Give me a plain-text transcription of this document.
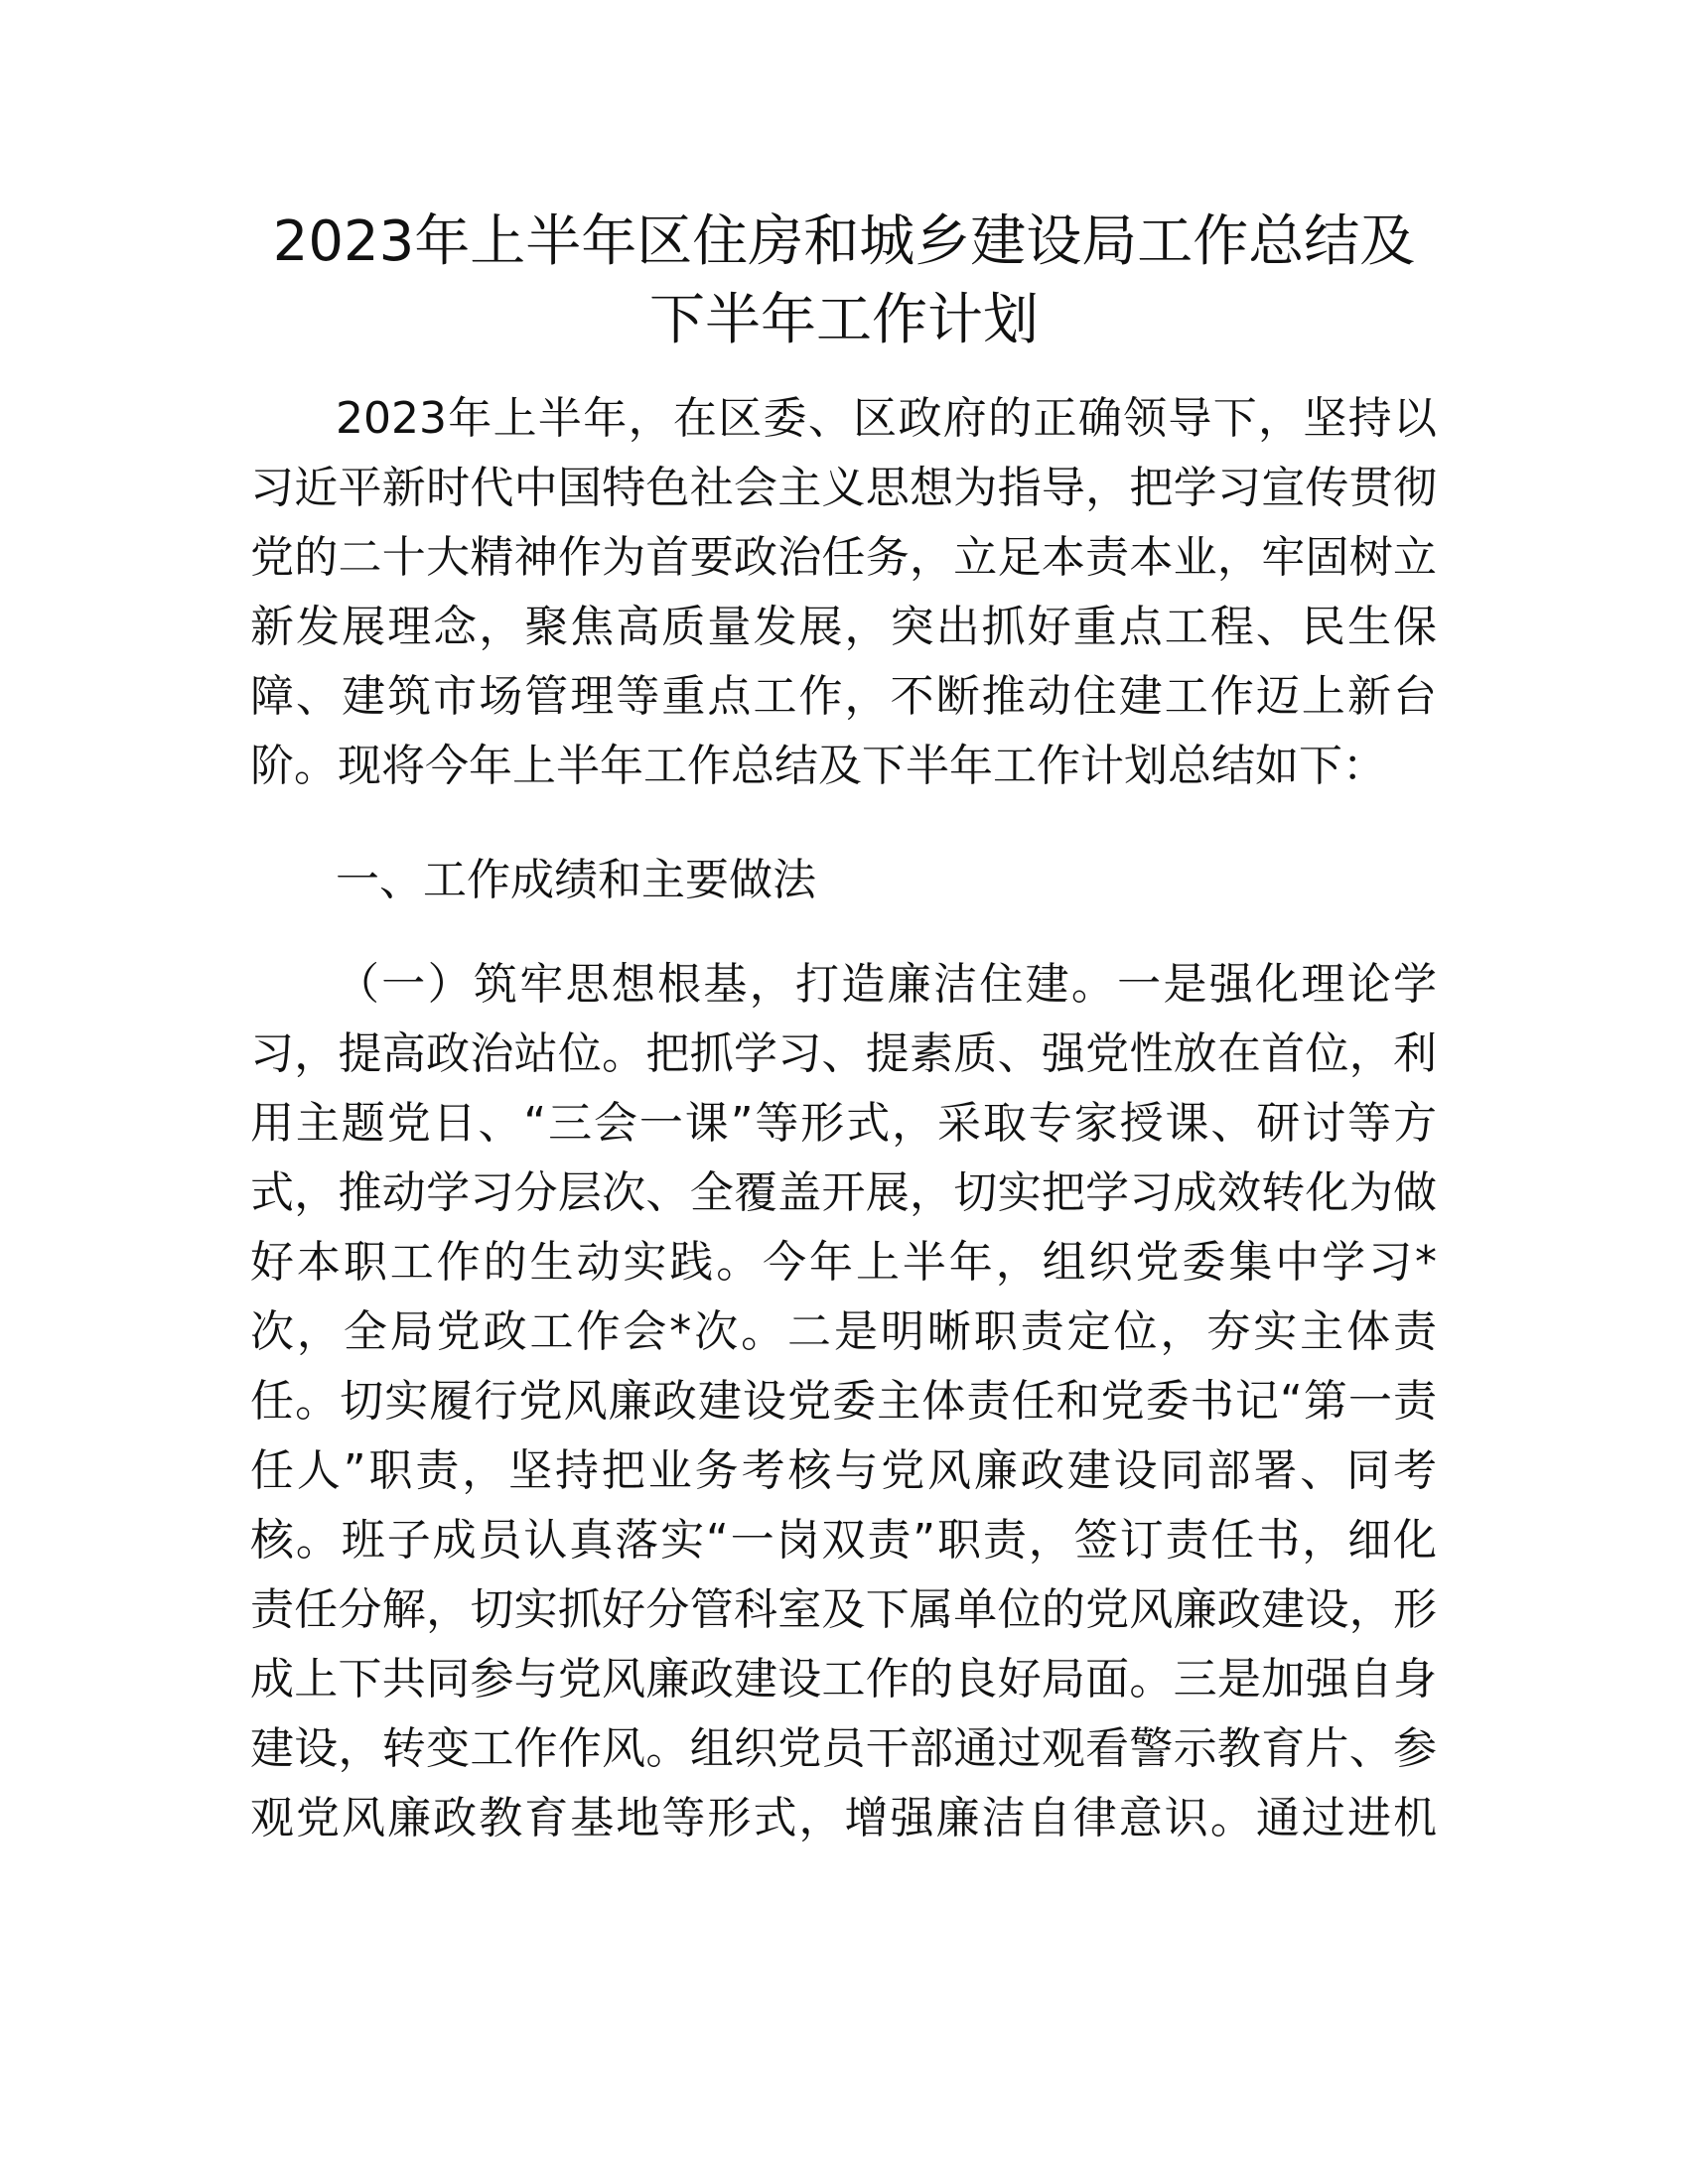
2023年上半年区住房和城乡建设局工作总结及
下半年工作计划

2023年上半年，在区委、区政府的正确领导下，坚持以

习近平新时代中国特色社会主义思想为指导，把学习宣传贯彻

党的二十大精神作为首要政治任务，立足本责本业，牢固树立

新发展理念，聚焦高质量发展，突出抓好重点工程、民生保

障、建筑市场管理等重点工作，不断推动住建工作迈上新台

阶。现将今年上半年工作总结及下半年工作计划总结如下：

一、工作成绩和主要做法

（一）筑牢思想根基，打造廉洁住建。一是强化理论学

习，提高政治站位。把抓学习、提素质、强党性放在首位，利

用主题党日、“三会一课”等形式，采取专家授课、研讨等方

式，推动学习分层次、全覆盖开展，切实把学习成效转化为做

好本职工作的生动实践。今年上半年，组织党委集中学习*

次，全局党政工作会*次。二是明晰职责定位，夯实主体责

任。切实履行党风廉政建设党委主体责任和党委书记“第一责

任人”职责，坚持把业务考核与党风廉政建设同部署、同考

核。班子成员认真落实“一岗双责”职责，签订责任书，细化

责任分解，切实抓好分管科室及下属单位的党风廉政建设，形

成上下共同参与党风廉政建设工作的良好局面。三是加强自身

建设，转变工作作风。组织党员干部通过观看警示教育片、参

观党风廉政教育基地等形式，增强廉洁自律意识。通过进机
